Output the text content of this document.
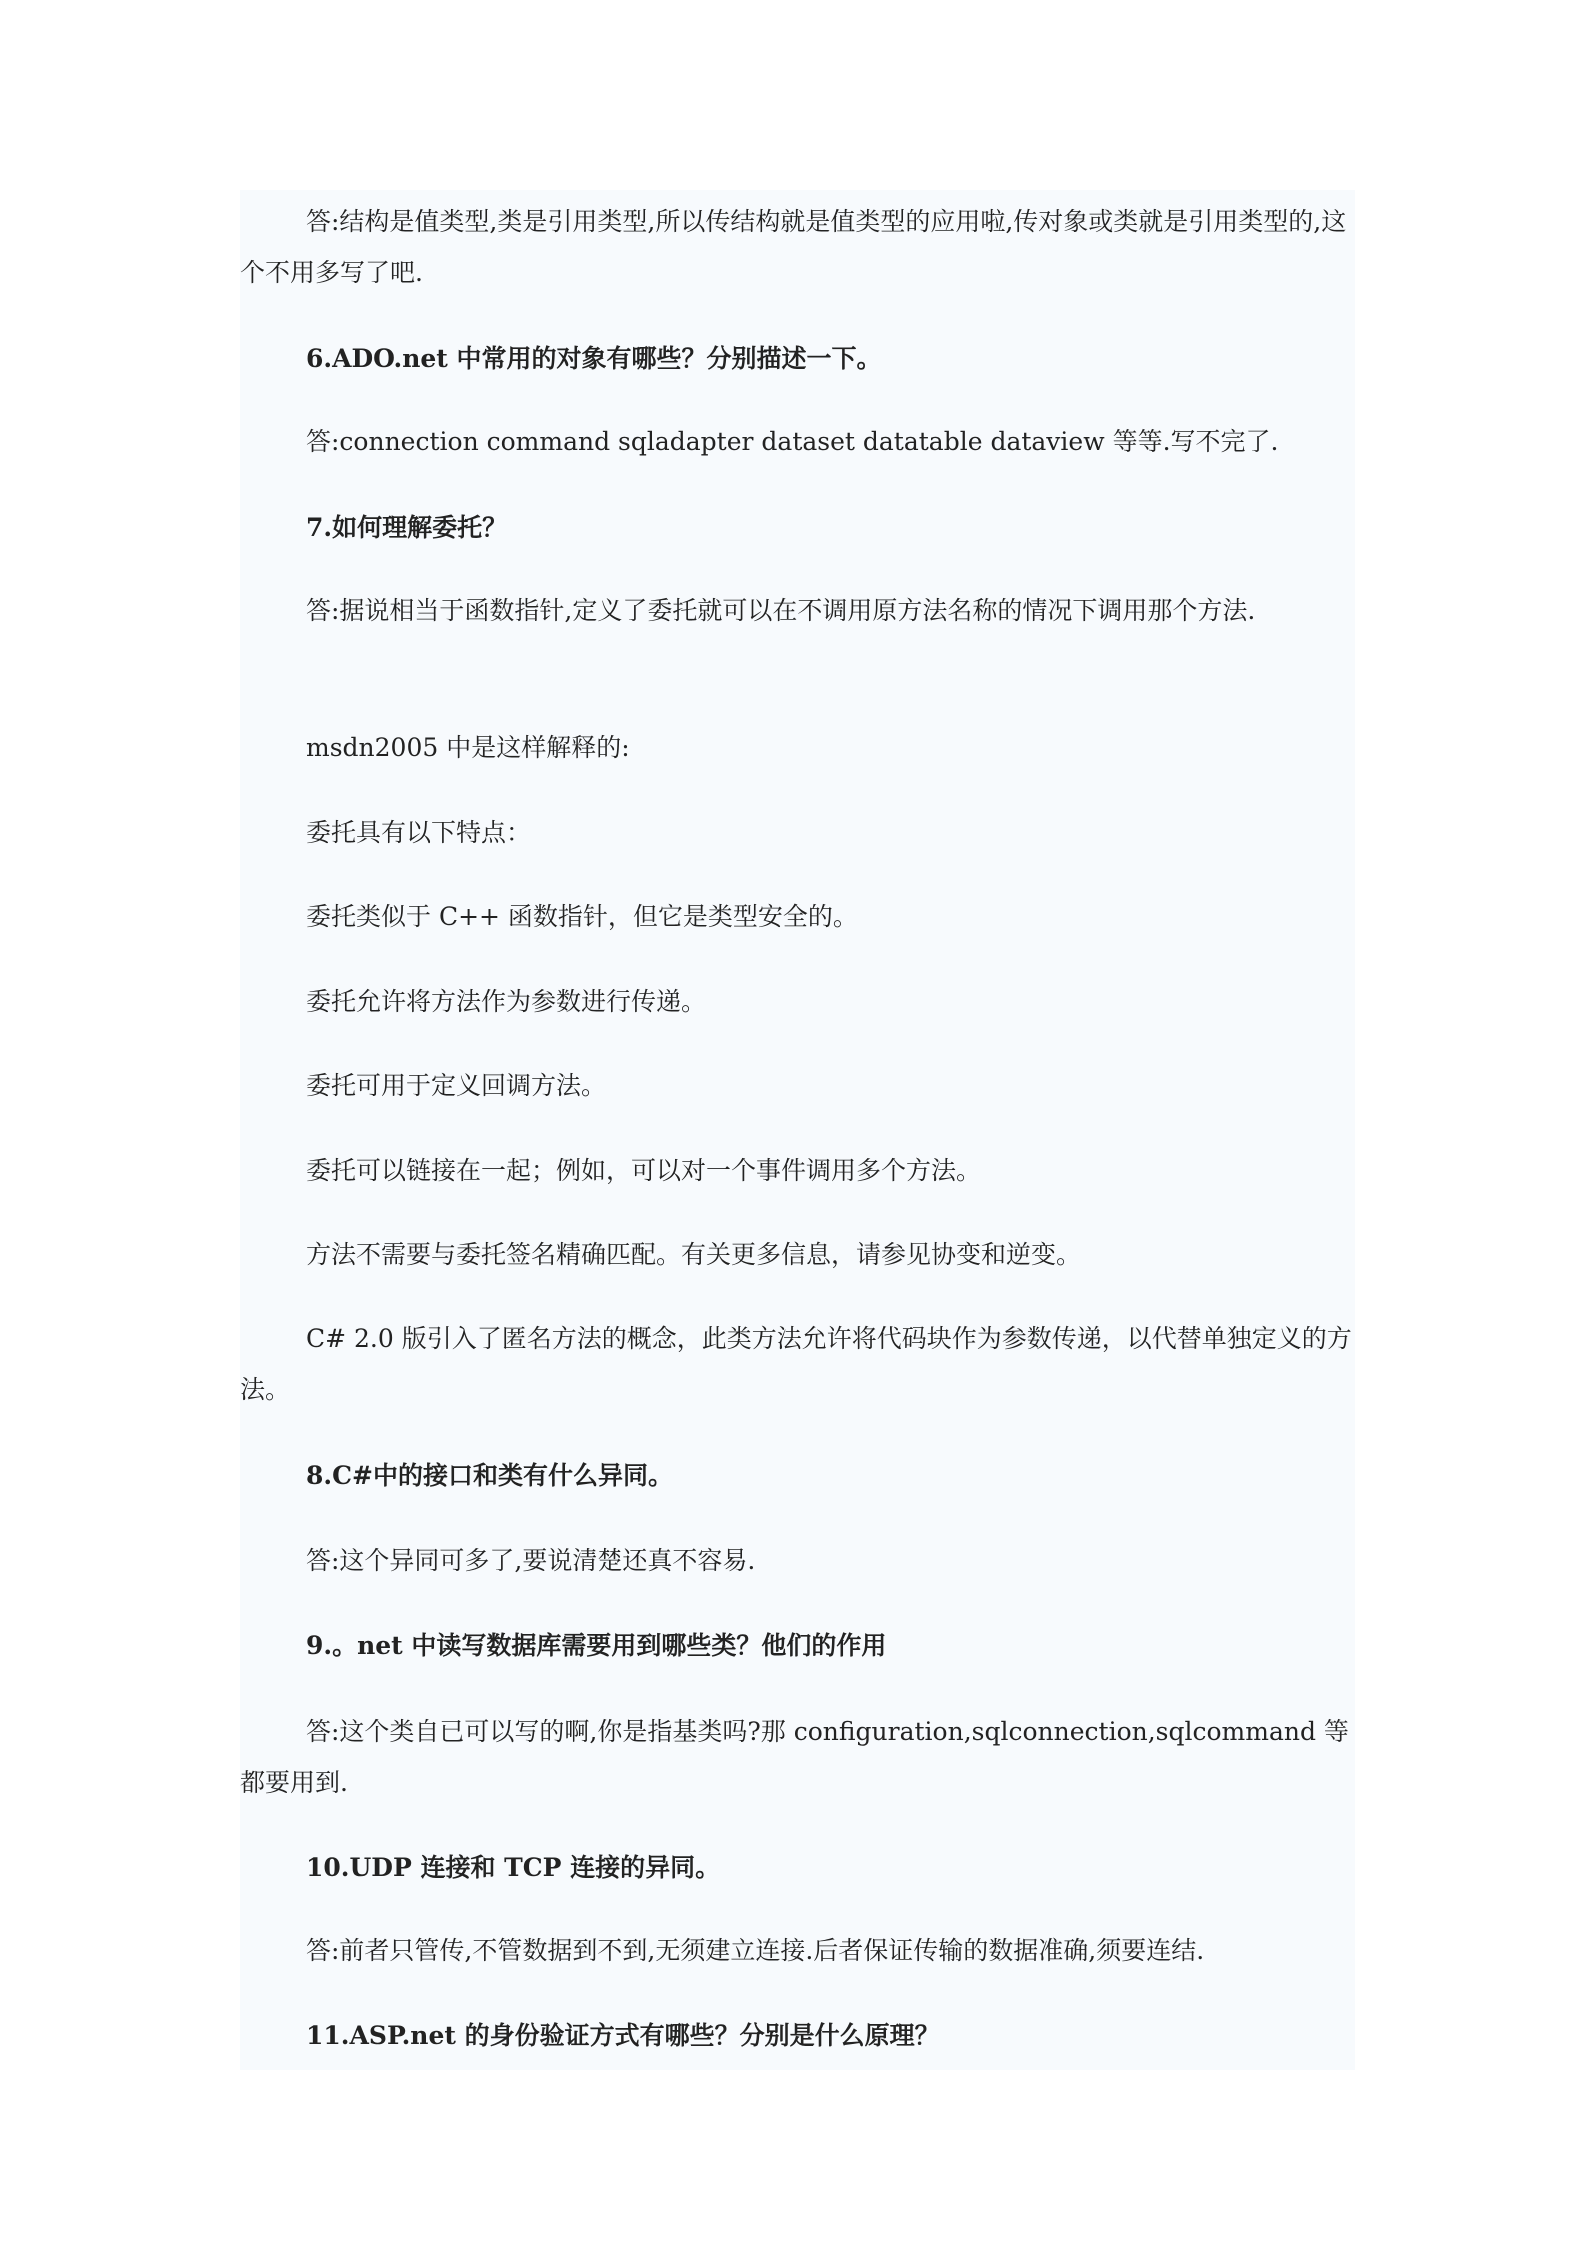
答:结构是值类型,类是引用类型,所以传结构就是值类型的应用啦,传对象或类就是引用类型的,这个不用多写了吧.

6.ADO.net 中常用的对象有哪些？分别描述一下。

答:connection command sqladapter dataset datatable dataview 等等.写不完了.

7.如何理解委托？

答:据说相当于函数指针,定义了委托就可以在不调用原方法名称的情况下调用那个方法.

msdn2005 中是这样解释的:

委托具有以下特点：

委托类似于 C++ 函数指针，但它是类型安全的。

委托允许将方法作为参数进行传递。

委托可用于定义回调方法。

委托可以链接在一起；例如，可以对一个事件调用多个方法。

方法不需要与委托签名精确匹配。有关更多信息，请参见协变和逆变。

C# 2.0 版引入了匿名方法的概念，此类方法允许将代码块作为参数传递，以代替单独定义的方法。

8.C#中的接口和类有什么异同。

答:这个异同可多了,要说清楚还真不容易.

9.。net 中读写数据库需要用到哪些类？他们的作用

答:这个类自已可以写的啊,你是指基类吗?那 configuration,sqlconnection,sqlcommand 等都要用到.

10.UDP 连接和 TCP 连接的异同。

答:前者只管传,不管数据到不到,无须建立连接.后者保证传输的数据准确,须要连结.

11.ASP.net 的身份验证方式有哪些？分别是什么原理？
